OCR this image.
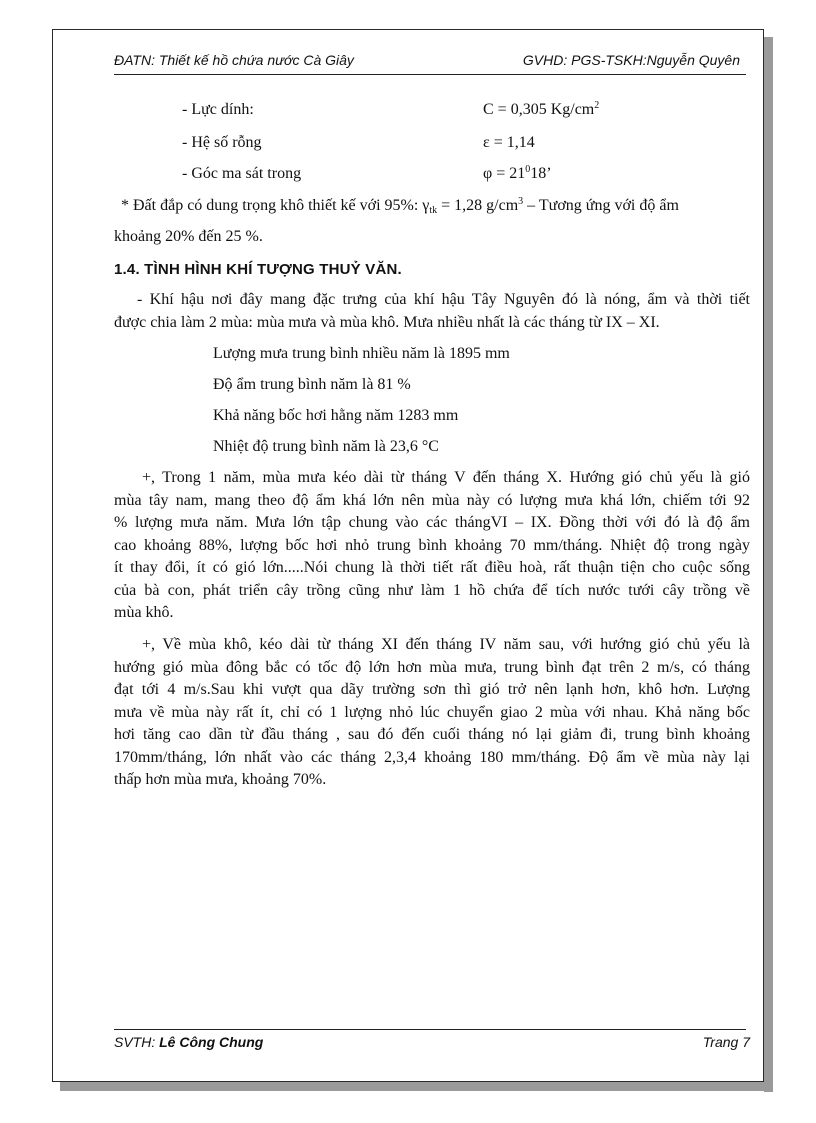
ĐATN: Thiết kế hồ chứa nước Cà Giây	GVHD: PGS-TSKH:Nguyễn Quyên
- Lực dính:	C = 0,305 $Kg/cm^2$
- Hệ số rỗng	ε = 1,14
- Góc ma sát trong	$\varphi = 21^018$’
* Đất đắp có dung trọng khô thiết kế với 95%: $\gamma_{tk} = 1,28$ $g/cm^3$ – Tương ứng với độ ẩm
khoảng 20% đến 25 %.
1.4. TÌNH HÌNH KHÍ TƯỢNG THUỶ VĂN.
- Khí hậu nơi đây mang đặc trưng của khí hậu Tây Nguyên đó là nóng, ẩm và thời tiết
được chia làm 2 mùa: mùa mưa và mùa khô. Mưa nhiều nhất là các tháng từ IX – XI.
Lượng mưa trung bình nhiều năm là 1895 mm
Độ ẩm trung bình năm là 81 %
Khả năng bốc hơi hằng năm 1283 mm
Nhiệt độ trung bình năm là 23,6 °C
+, Trong 1 năm, mùa mưa kéo dài từ tháng V đến tháng X. Hướng gió chủ yếu là gió
mùa tây nam, mang theo độ ẩm khá lớn nên mùa này có lượng mưa khá lớn, chiếm tới 92
% lượng mưa năm. Mưa lớn tập chung vào các thángVI – IX. Đồng thời với đó là độ ẩm
cao khoảng 88%, lượng bốc hơi nhỏ trung bình khoảng 70 mm/tháng. Nhiệt độ trong ngày
ít thay đổi, ít có gió lớn.....Nói chung là thời tiết rất điều hoà, rất thuận tiện cho cuộc sống
của bà con, phát triển cây trồng cũng như làm 1 hồ chứa để tích nước tưới cây trồng về
mùa khô.
+, Về mùa khô, kéo dài từ tháng XI đến tháng IV năm sau, với hướng gió chủ yếu là
hướng gió mùa đông bắc có tốc độ lớn hơn mùa mưa, trung bình đạt trên 2 m/s, có tháng
đạt tới 4 m/s.Sau khi vượt qua dãy trường sơn thì gió trở nên lạnh hơn, khô hơn. Lượng
mưa về mùa này rất ít, chỉ có 1 lượng nhỏ lúc chuyển giao 2 mùa với nhau. Khả năng bốc
hơi tăng cao dần từ đầu tháng , sau đó đến cuối tháng nó lại giảm đi, trung bình khoảng
170mm/tháng, lớn nhất vào các tháng 2,3,4 khoảng 180 mm/tháng. Độ ẩm về mùa này lại
thấp hơn mùa mưa, khoảng 70%.
SVTH: Lê Công Chung	Trang 7
